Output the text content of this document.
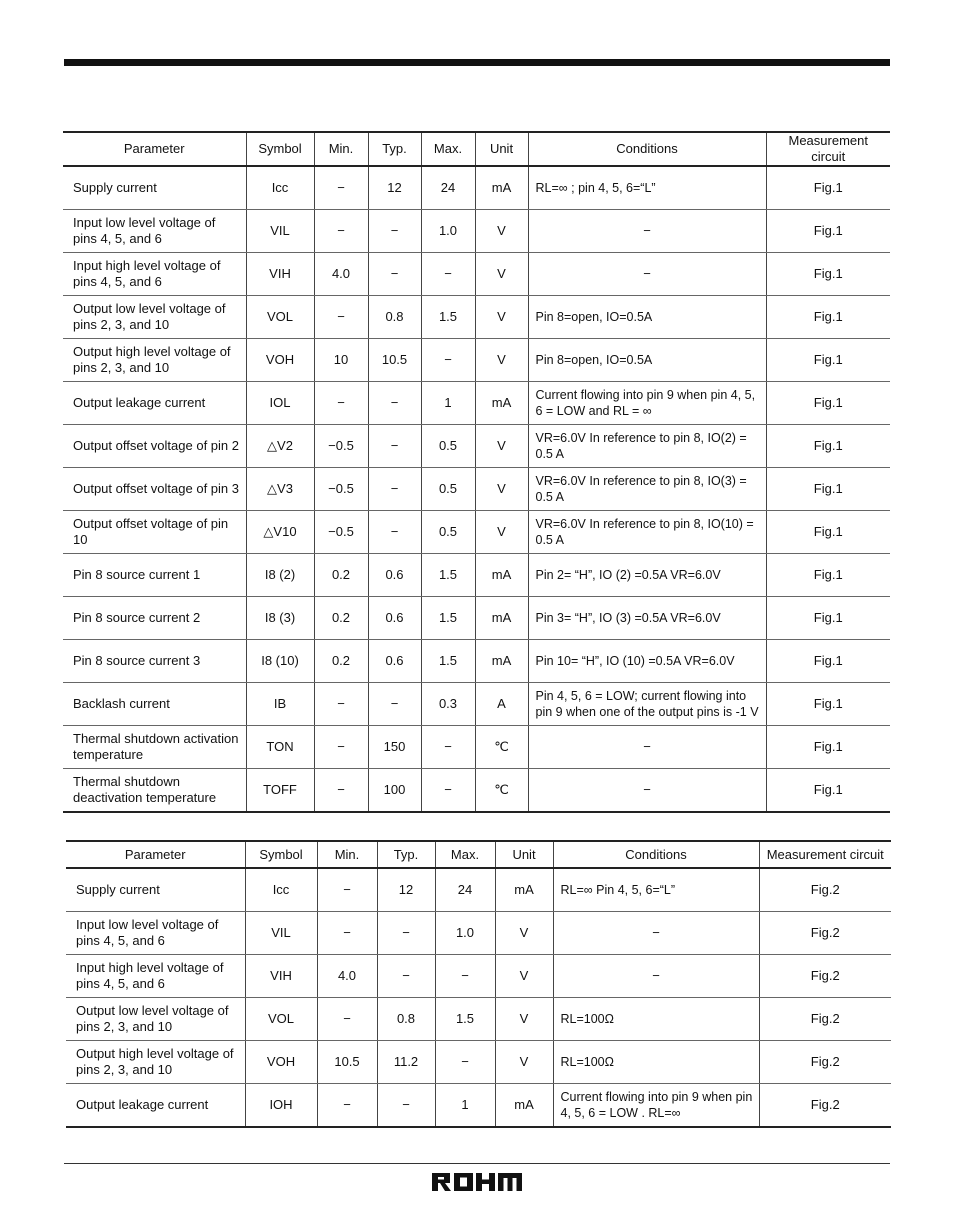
Parameter	Symbol	Min.	Typ.	Max.	Unit	Conditions	Measurement circuit
Supply current	Icc	−	12	24	mA	RL=∞ ; pin 4, 5, 6=“L”	Fig.1
Input low level voltage of pins 4, 5, and 6	VIL	−	−	1.0	V	−	Fig.1
Input high level voltage of pins 4, 5, and 6	VIH	4.0	−	−	V	−	Fig.1
Output low level voltage of pins 2, 3, and 10	VOL	−	0.8	1.5	V	Pin 8=open, IO=0.5A	Fig.1
Output high level voltage of pins 2, 3, and 10	VOH	10	10.5	−	V	Pin 8=open, IO=0.5A	Fig.1
Output leakage current	IOL	−	−	1	mA	Current flowing into pin 9 when pin 4, 5, 6 = LOW and RL = ∞	Fig.1
Output offset voltage of pin 2	△V2	−0.5	−	0.5	V	VR=6.0V In reference to pin 8, IO(2) = 0.5 A	Fig.1
Output offset voltage of pin 3	△V3	−0.5	−	0.5	V	VR=6.0V In reference to pin 8, IO(3) = 0.5 A	Fig.1
Output offset voltage of pin 10	△V10	−0.5	−	0.5	V	VR=6.0V In reference to pin 8, IO(10) = 0.5 A	Fig.1
Pin 8 source current 1	I8 (2)	0.2	0.6	1.5	mA	Pin 2= “H”, IO (2) =0.5A VR=6.0V	Fig.1
Pin 8 source current 2	I8 (3)	0.2	0.6	1.5	mA	Pin 3= “H”, IO (3) =0.5A VR=6.0V	Fig.1
Pin 8 source current 3	I8 (10)	0.2	0.6	1.5	mA	Pin 10= “H”, IO (10) =0.5A VR=6.0V	Fig.1
Backlash current	IB	−	−	0.3	A	Pin 4, 5, 6 = LOW; current flowing into pin 9 when one of the output pins is -1 V	Fig.1
Thermal shutdown activation temperature	TON	−	150	−	℃	−	Fig.1
Thermal shutdown deactivation temperature	TOFF	−	100	−	℃	−	Fig.1
Parameter	Symbol	Min.	Typ.	Max.	Unit	Conditions	Measurement circuit
Supply current	Icc	−	12	24	mA	RL=∞ Pin 4, 5, 6=“L”	Fig.2
Input low level voltage of pins 4, 5, and 6	VIL	−	−	1.0	V	−	Fig.2
Input high level voltage of pins 4, 5, and 6	VIH	4.0	−	−	V	−	Fig.2
Output low level voltage of pins 2, 3, and 10	VOL	−	0.8	1.5	V	RL=100Ω	Fig.2
Output high level voltage of pins 2, 3, and 10	VOH	10.5	11.2	−	V	RL=100Ω	Fig.2
Output leakage current	IOH	−	−	1	mA	Current flowing into pin 9 when pin 4, 5, 6 = LOW . RL=∞	Fig.2
